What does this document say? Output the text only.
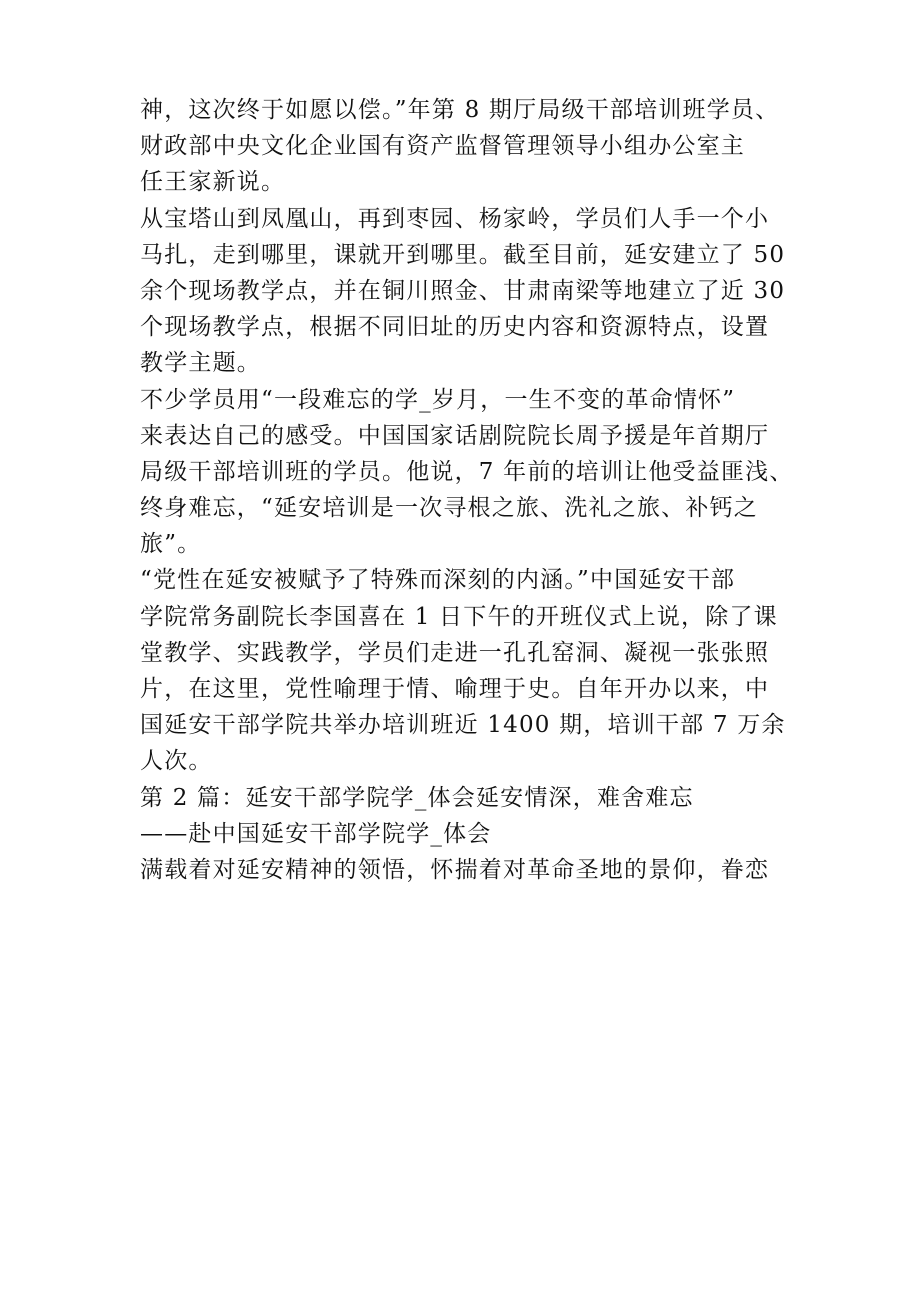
神，这次终于如愿以偿。”年第 8 期厅局级干部培训班学员、
财政部中央文化企业国有资产监督管理领导小组办公室主
任王家新说。
从宝塔山到凤凰山，再到枣园、杨家岭，学员们人手一个小
马扎，走到哪里，课就开到哪里。截至目前，延安建立了 50
余个现场教学点，并在铜川照金、甘肃南梁等地建立了近 30
个现场教学点，根据不同旧址的历史内容和资源特点，设置
教学主题。
不少学员用“一段难忘的学_岁月，一生不变的革命情怀”
来表达自己的感受。中国国家话剧院院长周予援是年首期厅
局级干部培训班的学员。他说，7 年前的培训让他受益匪浅、
终身难忘，“延安培训是一次寻根之旅、洗礼之旅、补钙之
旅”。
“党性在延安被赋予了特殊而深刻的内涵。”中国延安干部
学院常务副院长李国喜在 1 日下午的开班仪式上说，除了课
堂教学、实践教学，学员们走进一孔孔窑洞、凝视一张张照
片，在这里，党性喻理于情、喻理于史。自年开办以来，中
国延安干部学院共举办培训班近 1400 期，培训干部 7 万余
人次。
第 2 篇：延安干部学院学_体会延安情深，难舍难忘
——赴中国延安干部学院学_体会
满载着对延安精神的领悟，怀揣着对革命圣地的景仰，眷恋
